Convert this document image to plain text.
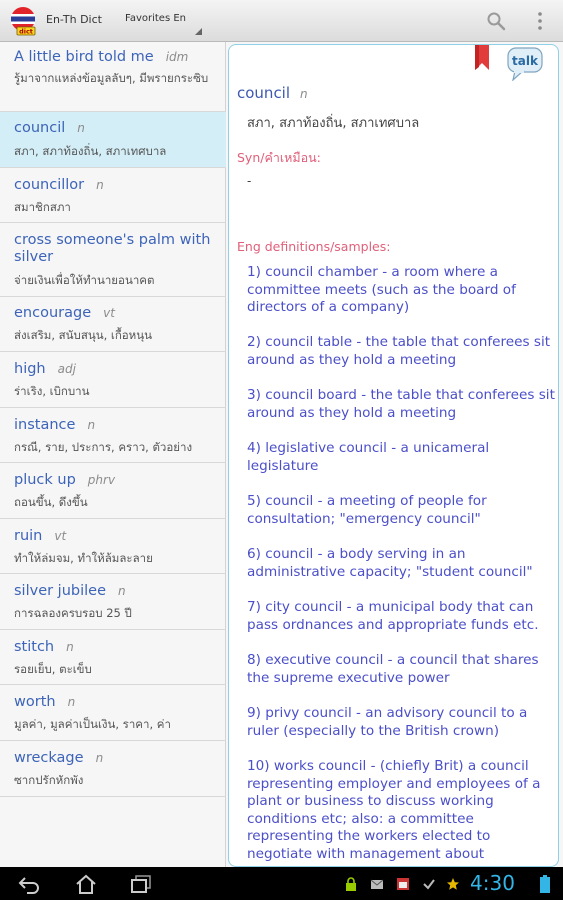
dict
En-Th Dict Favorites En
A little bird told me idm
รู้มาจากแหล่งข้อมูลลับๆ, มีพรายกระซิบ
council n
สภา, สภาท้องถิ่น, สภาเทศบาล
councillor n
สมาชิกสภา
cross someone's palm with silver
จ่ายเงินเพื่อให้ทำนายอนาคต
encourage vt
ส่งเสริม, สนับสนุน, เกื้อหนุน
high adj
ร่าเริง, เบิกบาน
instance n
กรณี, ราย, ประการ, คราว, ตัวอย่าง
pluck up phrv
ถอนขึ้น, ดึงขึ้น
ruin vt
ทำให้ล่มจม, ทำให้ล้มละลาย
silver jubilee n
การฉลองครบรอบ 25 ปี
stitch n
รอยเย็บ, ตะเข็บ
worth n
มูลค่า, มูลค่าเป็นเงิน, ราคา, ค่า
wreckage n
ซากปรักหักพัง
talk
council n
สภา, สภาท้องถิ่น, สภาเทศบาล
Syn/คำเหมือน:
-
Eng definitions/samples:
1) council chamber - a room where a committee meets (such as the board of directors of a company)
2) council table - the table that conferees sit around as they hold a meeting
3) council board - the table that conferees sit around as they hold a meeting
4) legislative council - a unicameral legislature
5) council - a meeting of people for consultation; "emergency council"
6) council - a body serving in an administrative capacity; "student council"
7) city council - a municipal body that can pass ordnances and appropriate funds etc.
8) executive council - a council that shares the supreme executive power
9) privy council - an advisory council to a ruler (especially to the British crown)
10) works council - (chiefly Brit) a council representing employer and employees of a plant or business to discuss working conditions etc; also: a committee representing the workers elected to negotiate with management about
4:30
